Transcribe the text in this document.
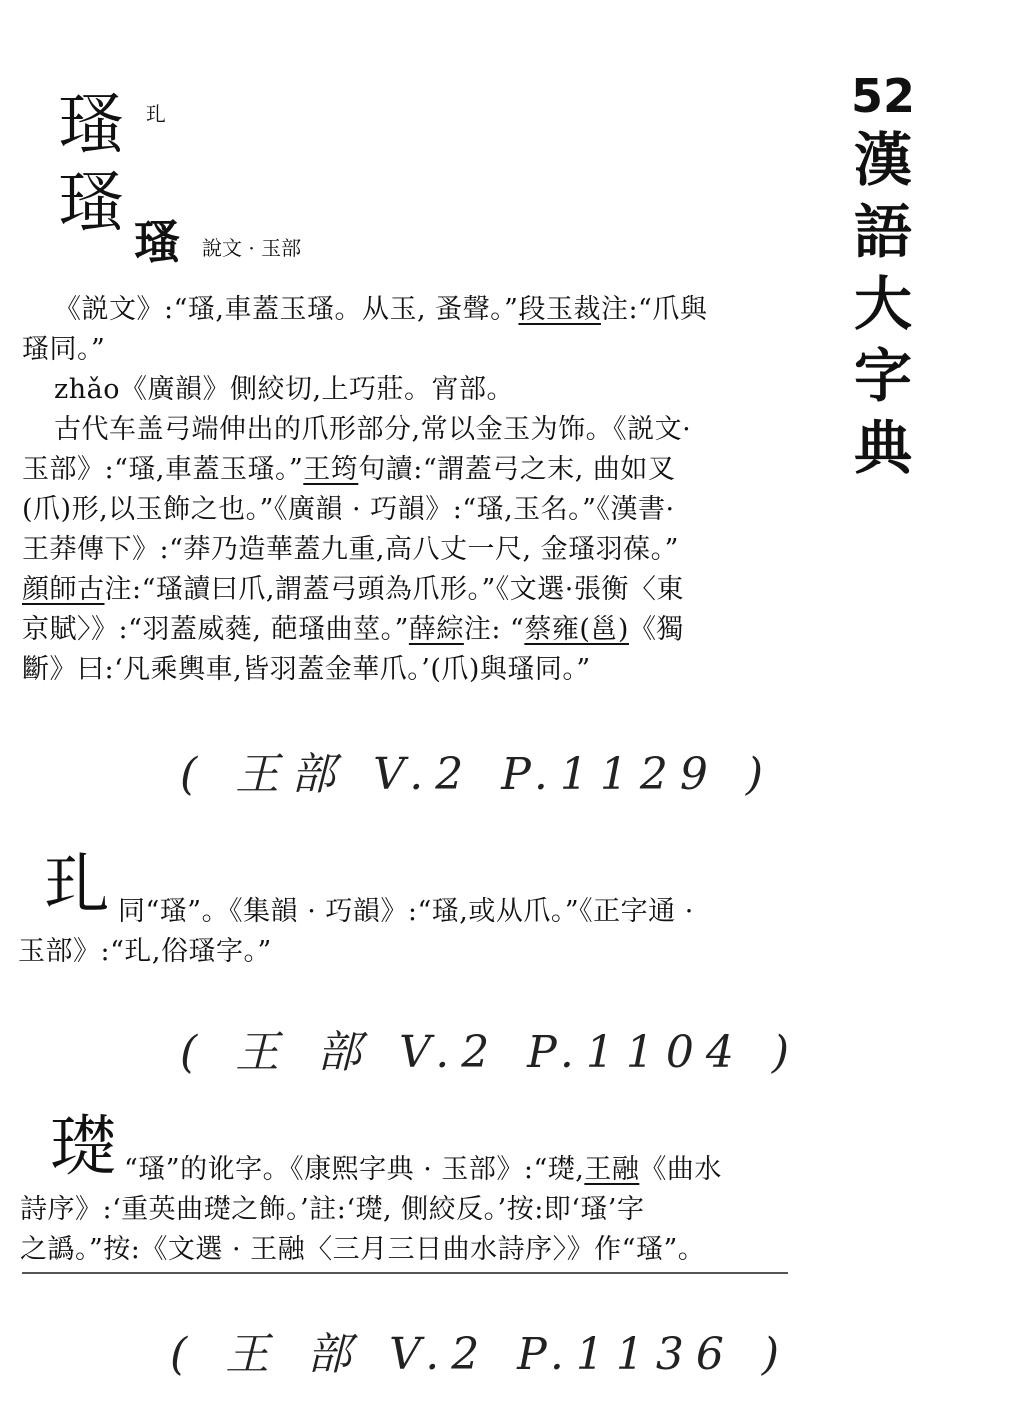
52
漢
語
大
字
典
瑵 玌
瑵
瑵 說文 · 玉部

《説文》:“瑵,車蓋玉瑵。从玉, 蚤聲。”段玉裁注:“爪與

瑵同。”

zhǎo《廣韻》側絞切,上巧莊。宵部。

古代车盖弓端伸出的爪形部分,常以金玉为饰。《説文·

玉部》:“瑵,車蓋玉瑵。”王筠句讀:“謂蓋弓之末, 曲如叉

(爪)形,以玉飾之也。”《廣韻 · 巧韻》:“瑵,玉名。”《漢書·

王莽傳下》:“莽乃造華蓋九重,高八丈一尺, 金瑵羽葆。”

顔師古注:“瑵讀曰爪,謂蓋弓頭為爪形。”《文選·張衡〈東

京賦〉》:“羽蓋威蕤, 葩瑵曲莖。”薛綜注: “蔡雍(邕)《獨

斷》曰:‘凡乘輿車,皆羽蓋金華爪。’(爪)與瑵同。”

( 王部 V.2 P.1129 )
玌 同“瑵”。《集韻 · 巧韻》:“瑵,或从爪。”《正字通 ·

玉部》:“玌,俗瑵字。”

( 王 部 V.2 P.1104 )
璴 “瑵”的讹字。《康熙字典 · 玉部》:“璴,王融《曲水

詩序》:‘重英曲璴之飾。’註:‘璴, 側絞反。’按:即‘瑵’字

之譌。”按:《文選 · 王融〈三月三日曲水詩序〉》作“瑵”。

( 王 部 V.2 P.1136 )
